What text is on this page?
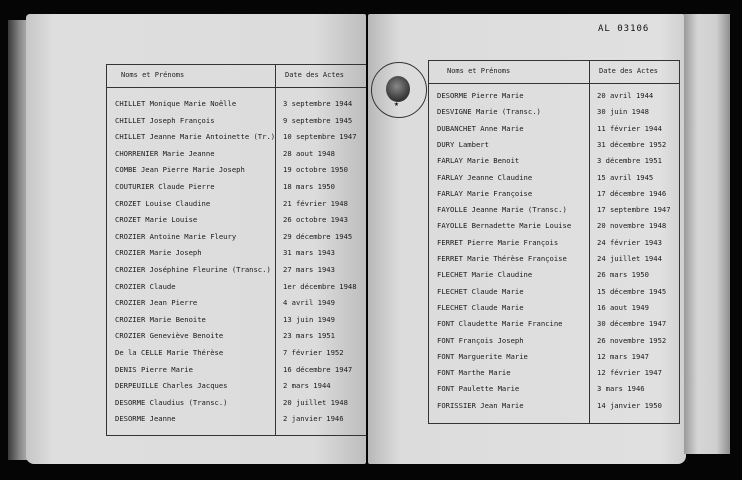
Noms et Prénoms	Date des Actes
CHILLET Monique Marie Noëlle	3 septembre 1944
CHILLET Joseph François	9 septembre 1945
CHILLET Jeanne Marie Antoinette (Tr.) 10 septembre 1947
CHORRENIER Marie Jeanne	28 aout 1948
COMBE Jean Pierre Marie Joseph	19 octobre 1950
COUTURIER Claude Pierre	18 mars 1950
CROZET Louise Claudine	21 février 1948
CROZET Marie Louise	26 octobre 1943
CROZIER Antoine Marie Fleury	29 décembre 1945
CROZIER Marie Joseph	31 mars 1943
CROZIER Joséphine Fleurine (Transc.) 27 mars 1943
CROZIER Claude	1er décembre 1948
CROZIER Jean Pierre	4 avril 1949
CROZIER Marie Benoite	13 juin 1949
CROZIER Geneviève Benoite	23 mars 1951
De la CELLE Marie Thérèse	7 février 1952
DENIS Pierre Marie	16 décembre 1947
DERPEUILLE Charles Jacques	2 mars 1944
DESORME Claudius (Transc.)	20 juillet 1948
DESORME Jeanne	2 janvier 1946
★
Noms et Prénoms	Date des Actes
DESORME Pierre Marie	20 avril 1944
DESVIGNE Marie (Transc.)	30 juin 1948
DUBANCHET Anne Marie	11 février 1944
DURY Lambert	31 décembre 1952
FARLAY Marie Benoit	3 décembre 1951
FARLAY Jeanne Claudine	15 avril 1945
FARLAY Marie Françoise	17 décembre 1946
FAYOLLE Jeanne Marie (Transc.)	17 septembre 1947
FAYOLLE Bernadette Marie Louise	20 novembre 1948
FERRET Pierre Marie François	24 février 1943
FERRET Marie Thérèse Françoise	24 juillet 1944
FLECHET Marie Claudine	26 mars 1950
FLECHET Claude Marie	15 décembre 1945
FLECHET Claude Marie	16 aout 1949
FONT Claudette Marie Francine	30 décembre 1947
FONT François Joseph	26 novembre 1952
FONT Marguerite Marie	12 mars 1947
FONT Marthe Marie	12 février 1947
FONT Paulette Marie	3 mars 1946
FORISSIER Jean Marie	14 janvier 1950
AL 03106
